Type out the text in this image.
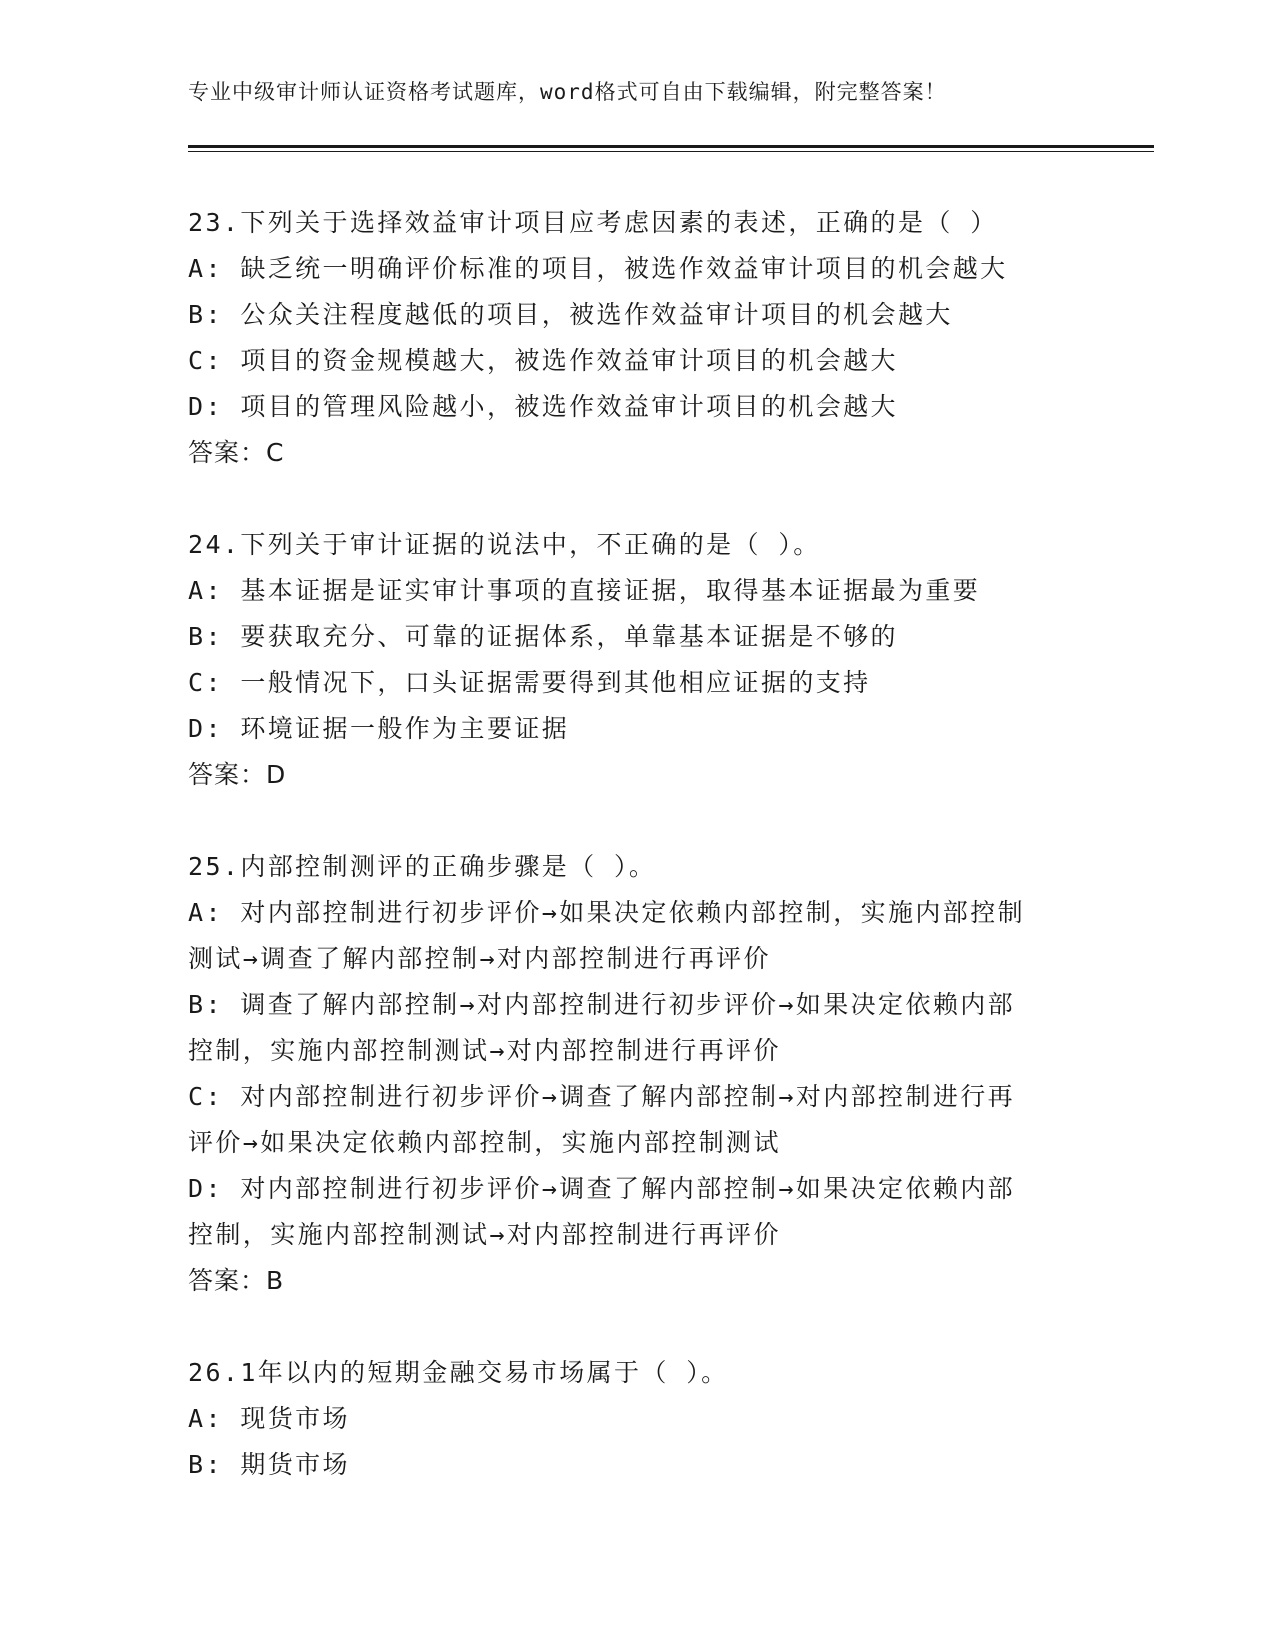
专业中级审计师认证资格考试题库，word格式可自由下载编辑，附完整答案！
23.下列关于选择效益审计项目应考虑因素的表述，正确的是（ ）
A: 缺乏统一明确评价标准的项目，被选作效益审计项目的机会越大
B: 公众关注程度越低的项目，被选作效益审计项目的机会越大
C: 项目的资金规模越大，被选作效益审计项目的机会越大
D: 项目的管理风险越小，被选作效益审计项目的机会越大
答案：C
24.下列关于审计证据的说法中，不正确的是（ ）。
A: 基本证据是证实审计事项的直接证据，取得基本证据最为重要
B: 要获取充分、可靠的证据体系，单靠基本证据是不够的
C: 一般情况下，口头证据需要得到其他相应证据的支持
D: 环境证据一般作为主要证据
答案：D
25.内部控制测评的正确步骤是（ ）。
A: 对内部控制进行初步评价→如果决定依赖内部控制，实施内部控制
测试→调查了解内部控制→对内部控制进行再评价
B: 调查了解内部控制→对内部控制进行初步评价→如果决定依赖内部
控制，实施内部控制测试→对内部控制进行再评价
C: 对内部控制进行初步评价→调查了解内部控制→对内部控制进行再
评价→如果决定依赖内部控制，实施内部控制测试
D: 对内部控制进行初步评价→调查了解内部控制→如果决定依赖内部
控制，实施内部控制测试→对内部控制进行再评价
答案：B
26.1年以内的短期金融交易市场属于（ ）。
A: 现货市场
B: 期货市场
